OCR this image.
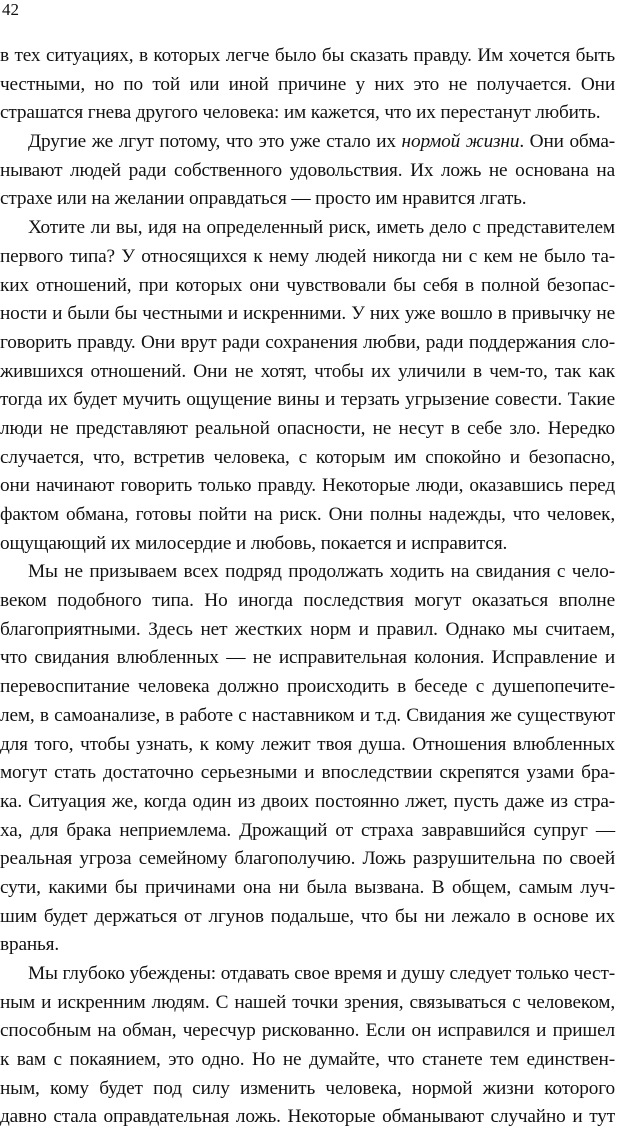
42
в тех ситуациях, в которых легче было бы сказать правду. Им хочется быть
честными, но по той или иной причине у них это не получается. Они
страшатся гнева другого человека: им кажется, что их перестанут любить.
Другие же лгут потому, что это уже стало их нормой жизни. Они обма-
нывают людей ради собственного удовольствия. Их ложь не основана на
страхе или на желании оправдаться — просто им нравится лгать.
Хотите ли вы, идя на определенный риск, иметь дело с представителем
первого типа? У относящихся к нему людей никогда ни с кем не было та-
ких отношений, при которых они чувствовали бы себя в полной безопас-
ности и были бы честными и искренними. У них уже вошло в привычку не
говорить правду. Они врут ради сохранения любви, ради поддержания сло-
жившихся отношений. Они не хотят, чтобы их уличили в чем-то, так как
тогда их будет мучить ощущение вины и терзать угрызение совести. Такие
люди не представляют реальной опасности, не несут в себе зло. Нередко
случается, что, встретив человека, с которым им спокойно и безопасно,
они начинают говорить только правду. Некоторые люди, оказавшись перед
фактом обмана, готовы пойти на риск. Они полны надежды, что человек,
ощущающий их милосердие и любовь, покается и исправится.
Мы не призываем всех подряд продолжать ходить на свидания с чело-
веком подобного типа. Но иногда последствия могут оказаться вполне
благоприятными. Здесь нет жестких норм и правил. Однако мы считаем,
что свидания влюбленных — не исправительная колония. Исправление и
перевоспитание человека должно происходить в беседе с душепопечите-
лем, в самоанализе, в работе с наставником и т.д. Свидания же существуют
для того, чтобы узнать, к кому лежит твоя душа. Отношения влюбленных
могут стать достаточно серьезными и впоследствии скрепятся узами бра-
ка. Ситуация же, когда один из двоих постоянно лжет, пусть даже из стра-
ха, для брака неприемлема. Дрожащий от страха завравшийся супруг —
реальная угроза семейному благополучию. Ложь разрушительна по своей
сути, какими бы причинами она ни была вызвана. В общем, самым луч-
шим будет держаться от лгунов подальше, что бы ни лежало в основе их
вранья.
Мы глубоко убеждены: отдавать свое время и душу следует только чест-
ным и искренним людям. С нашей точки зрения, связываться с человеком,
способным на обман, чересчур рискованно. Если он исправился и пришел
к вам с покаянием, это одно. Но не думайте, что станете тем единствен-
ным, кому будет под силу изменить человека, нормой жизни которого
давно стала оправдательная ложь. Некоторые обманывают случайно и тут
